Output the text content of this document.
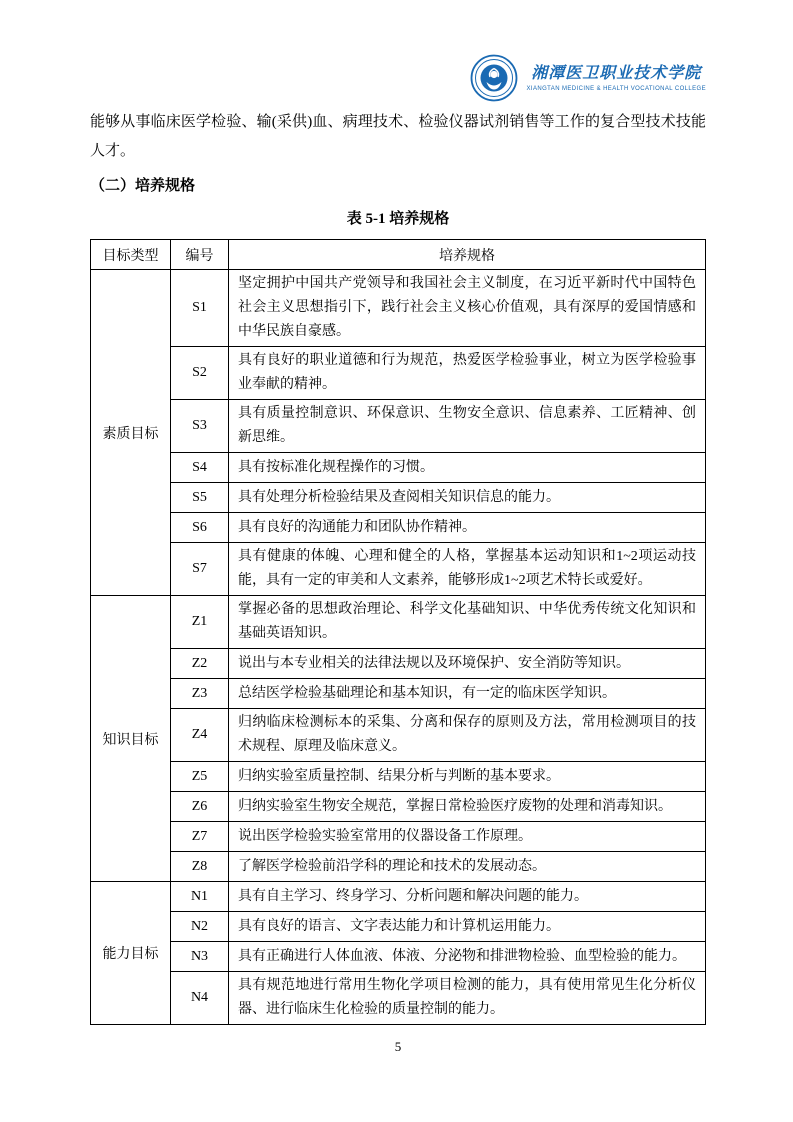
湘潭医卫职业技术学院
XIANGTAN MEDICINE & HEALTH VOCATIONAL COLLEGE

能够从事临床医学检验、输(采供)血、病理技术、检验仪器试剂销售等工作的复合型技术技能人才。

（二）培养规格
表 5-1 培养规格
目标类型	编号	培养规格
素质目标	S1	坚定拥护中国共产党领导和我国社会主义制度，在习近平新时代中国特色社会主义思想指引下，践行社会主义核心价值观，具有深厚的爱国情感和中华民族自豪感。
	S2	具有良好的职业道德和行为规范，热爱医学检验事业，树立为医学检验事业奉献的精神。
	S3	具有质量控制意识、环保意识、生物安全意识、信息素养、工匠精神、创新思维。
	S4	具有按标准化规程操作的习惯。
	S5	具有处理分析检验结果及查阅相关知识信息的能力。
	S6	具有良好的沟通能力和团队协作精神。
	S7	具有健康的体魄、心理和健全的人格，掌握基本运动知识和1~2项运动技能，具有一定的审美和人文素养，能够形成1~2项艺术特长或爱好。
知识目标	Z1	掌握必备的思想政治理论、科学文化基础知识、中华优秀传统文化知识和基础英语知识。
	Z2	说出与本专业相关的法律法规以及环境保护、安全消防等知识。
	Z3	总结医学检验基础理论和基本知识，有一定的临床医学知识。
	Z4	归纳临床检测标本的采集、分离和保存的原则及方法，常用检测项目的技术规程、原理及临床意义。
	Z5	归纳实验室质量控制、结果分析与判断的基本要求。
	Z6	归纳实验室生物安全规范，掌握日常检验医疗废物的处理和消毒知识。
	Z7	说出医学检验实验室常用的仪器设备工作原理。
	Z8	了解医学检验前沿学科的理论和技术的发展动态。
能力目标	N1	具有自主学习、终身学习、分析问题和解决问题的能力。
	N2	具有良好的语言、文字表达能力和计算机运用能力。
	N3	具有正确进行人体血液、体液、分泌物和排泄物检验、血型检验的能力。
	N4	具有规范地进行常用生物化学项目检测的能力，具有使用常见生化分析仪器、进行临床生化检验的质量控制的能力。
5
